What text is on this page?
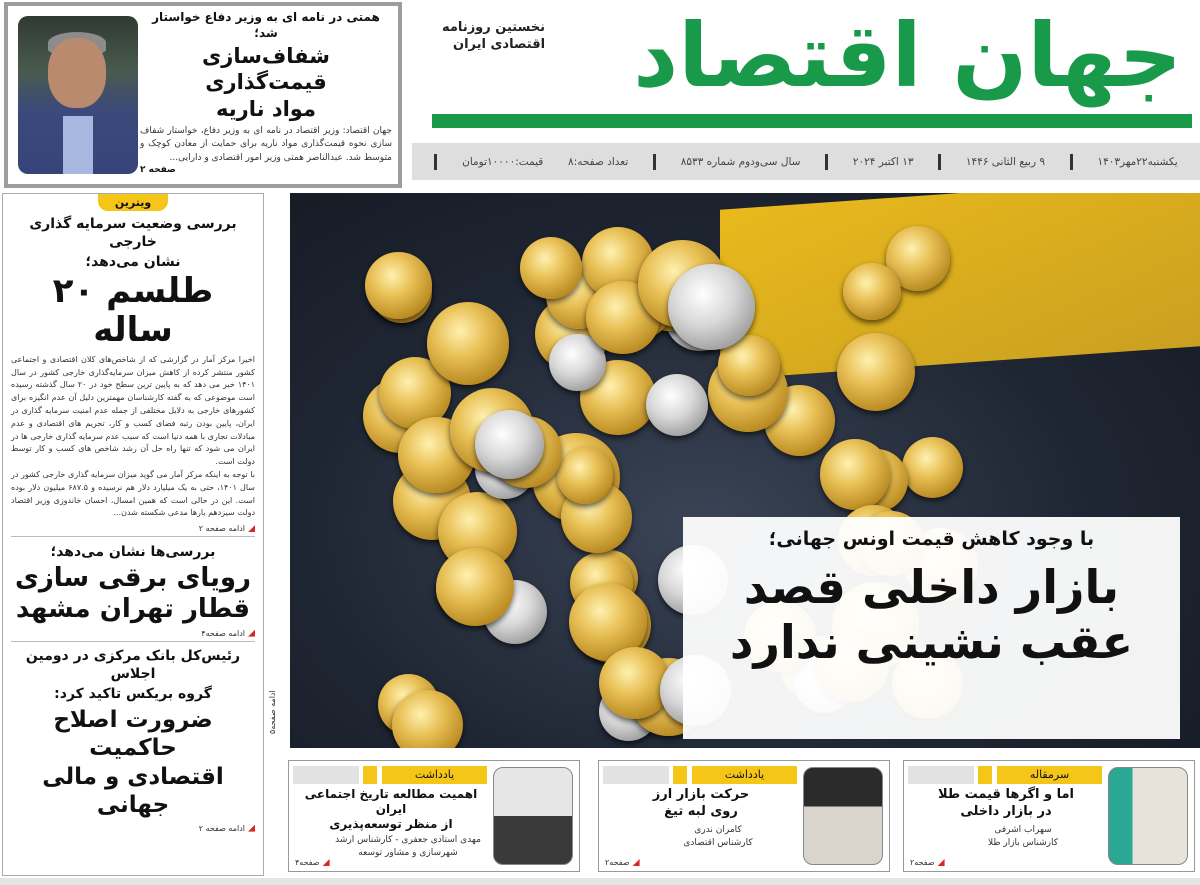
همتی در نامه ای به وزیر دفاع خواستار شد؛
شفاف‌سازی قیمت‌گذاری
مواد ناریه
جهان اقتصاد: وزیر اقتصاد در نامه ای به وزیر دفاع، خواستار شفاف سازی نحوه قیمت‌گذاری مواد ناریه برای حمایت از معادن کوچک و متوسط شد. عبدالناصر همتی وزیر امور اقتصادی و دارایی...
صفحه ۲
جهان اقتصاد
نخستین روزنامه
اقتصادی ایران
یکشنبه۲۲مهر۱۴۰۳
۹ ربیع الثانی ۱۴۴۶
۱۳ اکتبر ۲۰۲۴
سال سی‌ودوم شماره ۸۵۳۳
تعداد صفحه:۸
قیمت:۱۰۰۰۰تومان
ویترین
بررسی وضعیت سرمایه گذاری خارجی
نشان می‌دهد؛
طلسم ۲۰ ساله
اخیرا مرکز آمار در گزارشی که از شاخص‌های کلان اقتصادی و اجتماعی کشور منتشر کرده از کاهش میزان سرمایه‌گذاری خارجی کشور در سال ۱۴۰۱ خبر می دهد که به پایین ترین سطح خود در ۲۰ سال گذشته رسیده است موضوعی که به گفته کارشناسان مهمترین دلیل آن عدم انگیزه برای کشورهای خارجی به دلایل مختلفی از جمله عدم امنیت سرمایه گذاری در ایران، پایین بودن رتبه فضای کسب و کار، تحریم های اقتصادی و عدم مبادلات تجاری با همه دنیا است که سبب عدم سرمایه گذاری خارجی ها در ایران می شود که تنها راه حل آن رشد شاخص های کسب و کار توسط دولت است.
با توجه به اینکه مرکز آمار می گوید میزان سرمایه گذاری خارجی کشور در سال ۱۴۰۱، حتی به یک میلیارد دلار هم نرسیده و ۶۸۷.۵ میلیون دلار بوده است. این در حالی است که همین امسال، احسان خاندوزی وزیر اقتصاد دولت سیزدهم بارها مدعی شکسته شدن...
ادامه صفحه ۲
بررسی‌ها نشان می‌دهد؛
رویای برقی سازی
قطار تهران مشهد
ادامه صفحه۴
رئیس‌کل بانک مرکزی در دومین اجلاس
گروه بریکس تاکید کرد:
ضرورت اصلاح حاکمیت
اقتصادی و مالی جهانی
ادامه صفحه ۲
ادامه صفحه۵
با وجود کاهش قیمت اونس جهانی؛
بازار داخلی قصد
عقب نشینی ندارد
سرمقاله
اما و اگرها قیمت طلا
در بازار داخلی
سهراب اشرفی
کارشناس بازار طلا
صفحه۲
یادداشت
حرکت بازار ارز
روی لبه تیغ
کامران ندری
کارشناس اقتصادی
صفحه۲
یادداشت
اهمیت مطالعه تاریخ اجتماعی ایران
از منظر توسعه‌پذیری
مهدی استادی جعفری - کارشناس ارشد
شهرسازی و مشاور توسعه
صفحه۴
